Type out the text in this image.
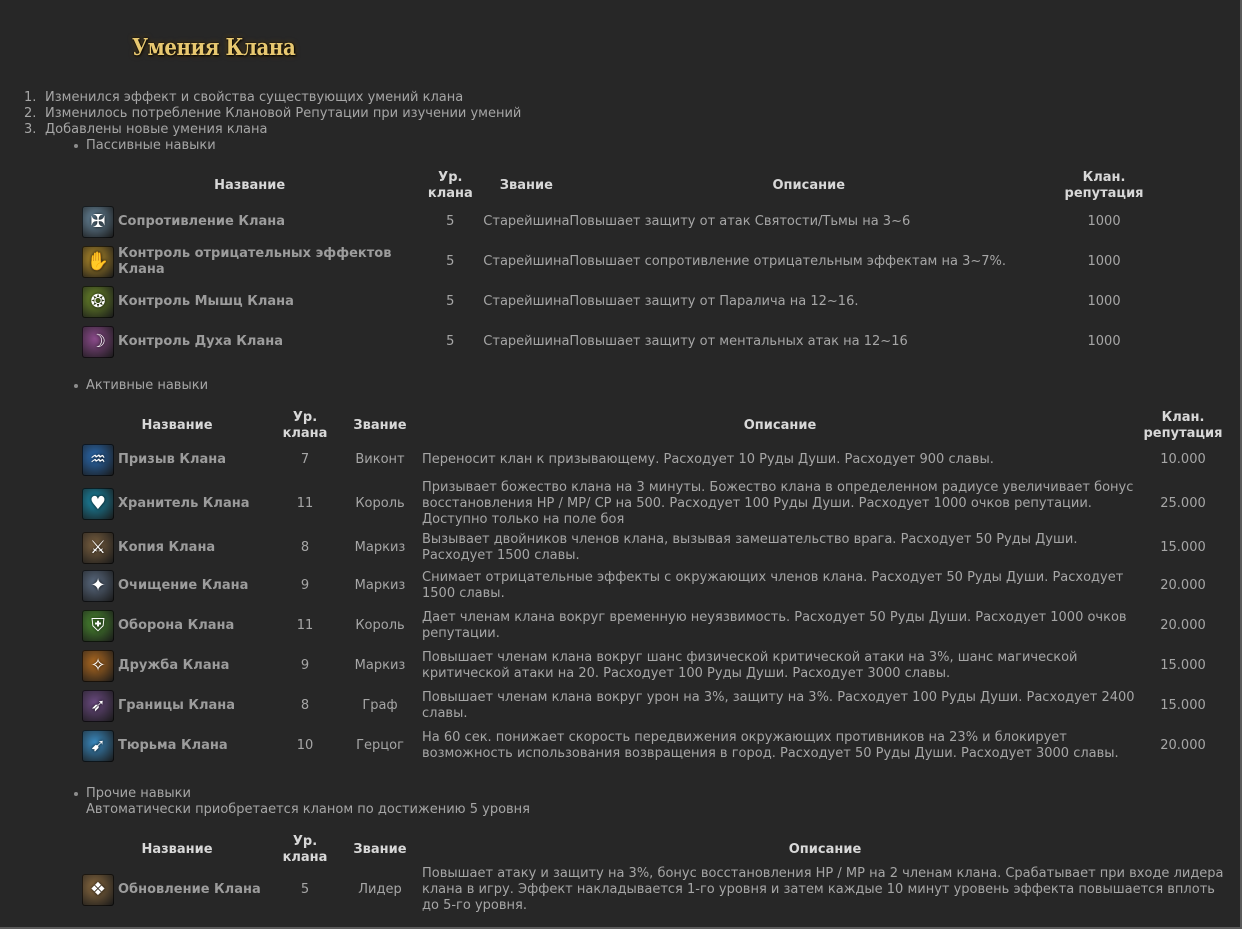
Умения Клана
1. Изменился эффект и свойства существующих умений клана
2. Изменилось потребление Клановой Репутации при изучении умений
3. Добавлены новые умения клана
Пассивные навыки
Название		Ур. клана	Звание	Описание	Клан. репутация

✠	Сопротивление Клана	5	Старейшина	Повышает защиту от атак Святости/Тьмы на 3~6	1000

✋	Контроль отрицательных эффектов Клана	5	Старейшина	Повышает сопротивление отрицательным эффектам на 3~7%.	1000

❂	Контроль Мышц Клана	5	Старейшина	Повышает защиту от Паралича на 12~16.	1000

☽	Контроль Духа Клана	5	Старейшина	Повышает защиту от ментальных атак на 12~16	1000
Активные навыки
Название		Ур. клана	Звание	Описание	Клан. репутация

♒	Призыв Клана	7	Виконт	Переносит клан к призывающему. Расходует 10 Руды Души. Расходует 900 славы.	10.000

♥	Хранитель Клана	11	Король	Призывает божество клана на 3 минуты. Божество клана в определенном радиусе увеличивает бонус восстановления HP / MP/ CP на 500. Расходует 100 Руды Души. Расходует 1000 очков репутации. Доступно только на поле боя	25.000

⚔	Копия Клана	8	Маркиз	Вызывает двойников членов клана, вызывая замешательство врага. Расходует 50 Руды Души. Расходует 1500 славы.	15.000

✦	Очищение Клана	9	Маркиз	Снимает отрицательные эффекты с окружающих членов клана. Расходует 50 Руды Души. Расходует 1500 славы.	20.000

⛨	Оборона Клана	11	Король	Дает членам клана вокруг временную неуязвимость. Расходует 50 Руды Души. Расходует 1000 очков репутации.	20.000

✧	Дружба Клана	9	Маркиз	Повышает членам клана вокруг шанс физической критической атаки на 3%, шанс магической критической атаки на 20. Расходует 100 Руды Души. Расходует 3000 славы.	15.000

➶	Границы Клана	8	Граф	Повышает членам клана вокруг урон на 3%, защиту на 3%. Расходует 100 Руды Души. Расходует 2400 славы.	15.000

➹	Тюрьма Клана	10	Герцог	На 60 сек. понижает скорость передвижения окружающих противников на 23% и блокирует возможность использования возвращения в город. Расходует 50 Руды Души. Расходует 3000 славы.	20.000
Прочие навыки
Автоматически приобретается кланом по достижению 5 уровня
Название		Ур. клана	Звание	Описание

❖	Обновление Клана	5	Лидер	Повышает атаку и защиту на 3%, бонус восстановления HP / MP на 2 членам клана. Срабатывает при входе лидера клана в игру. Эффект накладывается 1-го уровня и затем каждые 10 минут уровень эффекта повышается вплоть до 5-го уровня.
